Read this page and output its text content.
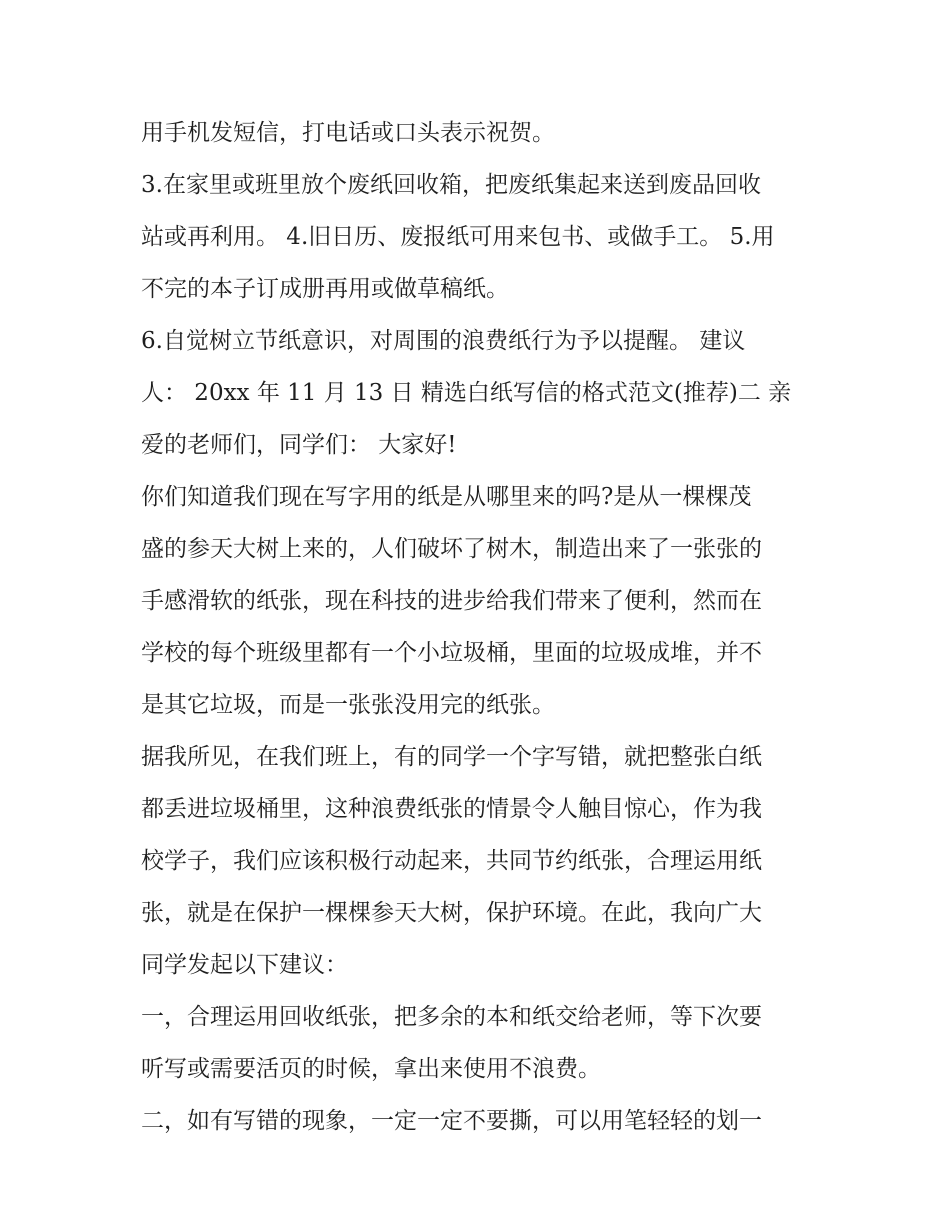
用手机发短信，打电话或口头表示祝贺。
3.在家里或班里放个废纸回收箱，把废纸集起来送到废品回收
站或再利用。 4.旧日历、废报纸可用来包书、或做手工。 5.用
不完的本子订成册再用或做草稿纸。
6.自觉树立节纸意识，对周围的浪费纸行为予以提醒。 建议
人： 20xx 年 11 月 13 日 精选白纸写信的格式范文(推荐)二 亲
爱的老师们，同学们： 大家好!
你们知道我们现在写字用的纸是从哪里来的吗?是从一棵棵茂
盛的参天大树上来的，人们破坏了树木，制造出来了一张张的
手感滑软的纸张，现在科技的进步给我们带来了便利，然而在
学校的每个班级里都有一个小垃圾桶，里面的垃圾成堆，并不
是其它垃圾，而是一张张没用完的纸张。
据我所见，在我们班上，有的同学一个字写错，就把整张白纸
都丢进垃圾桶里，这种浪费纸张的情景令人触目惊心，作为我
校学子，我们应该积极行动起来，共同节约纸张，合理运用纸
张，就是在保护一棵棵参天大树，保护环境。在此，我向广大
同学发起以下建议：
一，合理运用回收纸张，把多余的本和纸交给老师，等下次要
听写或需要活页的时候，拿出来使用不浪费。
二，如有写错的现象，一定一定不要撕，可以用笔轻轻的划一
